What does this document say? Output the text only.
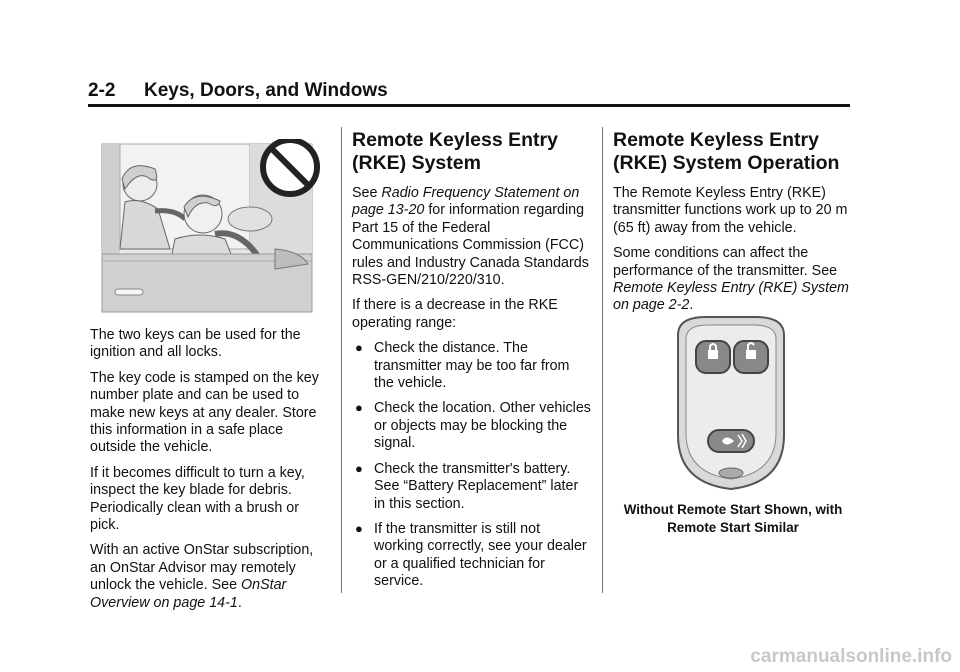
2-2 Keys, Doors, and Windows

The two keys can be used for the ignition and all locks.

The key code is stamped on the key number plate and can be used to make new keys at any dealer. Store this information in a safe place outside the vehicle.

If it becomes difficult to turn a key, inspect the key blade for debris. Periodically clean with a brush or pick.

With an active OnStar subscription, an OnStar Advisor may remotely unlock the vehicle. See OnStar Overview on page 14-1.

Remote Keyless Entry (RKE) System

See Radio Frequency Statement on page 13-20 for information regarding Part 15 of the Federal Communications Commission (FCC) rules and Industry Canada Standards RSS-GEN/210/220/310.

If there is a decrease in the RKE operating range:

● Check the distance. The transmitter may be too far from the vehicle.
● Check the location. Other vehicles or objects may be blocking the signal.
● Check the transmitter's battery. See “Battery Replacement” later in this section.
● If the transmitter is still not working correctly, see your dealer or a qualified technician for service.
Remote Keyless Entry (RKE) System Operation

The Remote Keyless Entry (RKE) transmitter functions work up to 20 m (65 ft) away from the vehicle.

Some conditions can affect the performance of the transmitter. See Remote Keyless Entry (RKE) System on page 2-2.

Without Remote Start Shown, with Remote Start Similar
carmanualsonline.info
